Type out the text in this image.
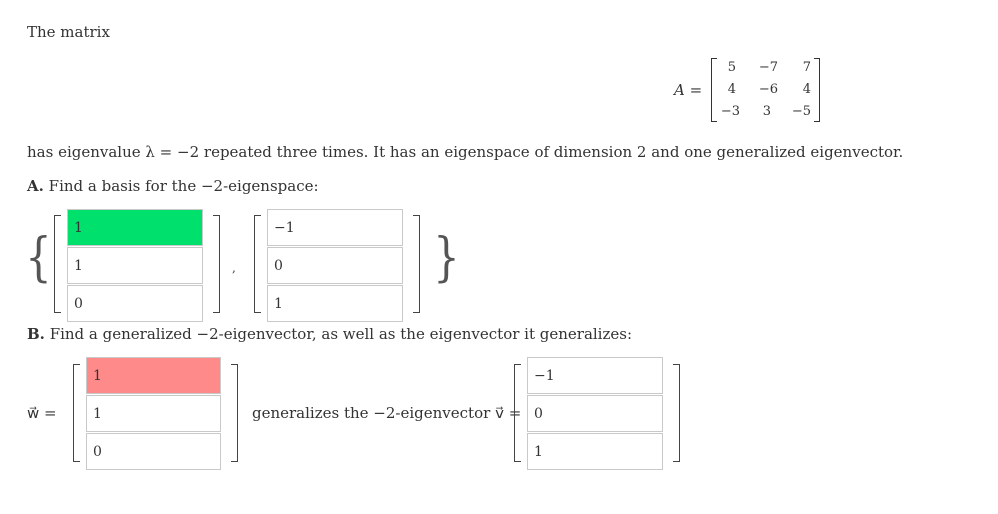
The matrix
A =
5	−7	7
4	−6	4
−3	3	−5
has eigenvalue λ = −2 repeated three times. It has an eigenspace of dimension 2 and one generalized eigenvector.
A. Find a basis for the −2-eigenspace:
{
1
1
0	,
−1
0
1	}
B. Find a generalized −2-eigenvector, as well as the eigenvector it generalizes:
w⃗ =
1
1
0	generalizes the −2-eigenvector v⃗ =
−1
0
1
